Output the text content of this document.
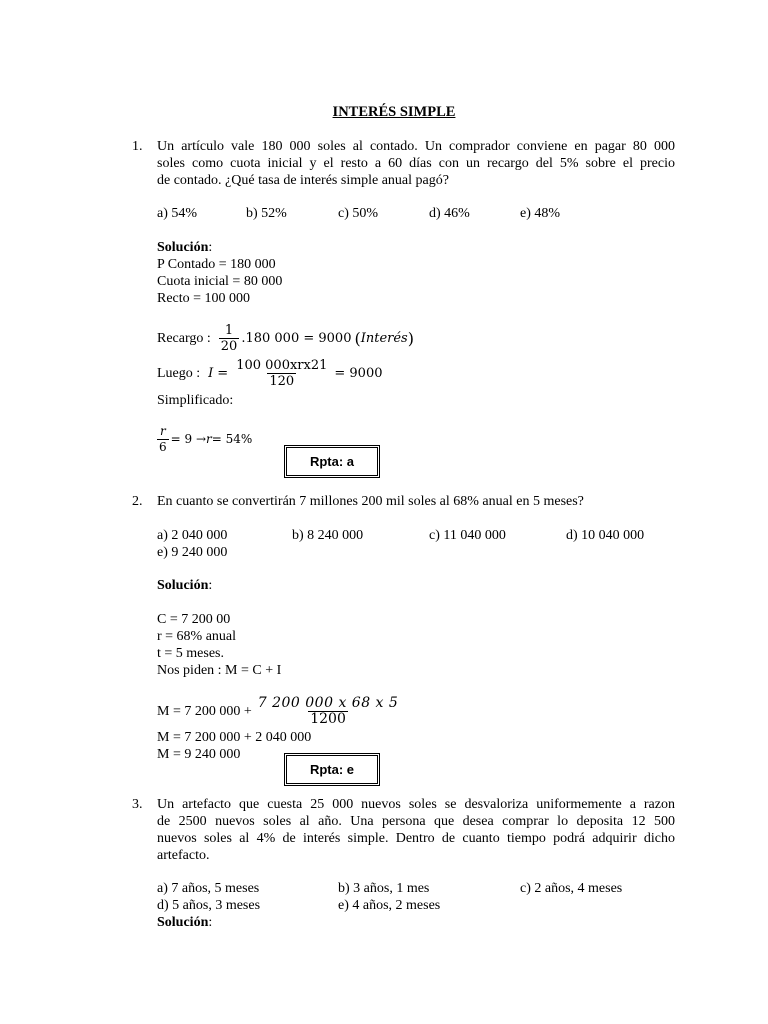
INTERÉS SIMPLE
1. Un artículo vale 180 000 soles al contado. Un comprador conviene en pagar 80 000
soles como cuota inicial y el resto a 60 días con un recargo del 5% sobre el precio
de contado. ¿Qué tasa de interés simple anual pagó?
a) 54%	b) 52%	c) 50%	d) 46%	e) 48%
Solución:
P Contado = 180 000
Cuota inicial = 80 000
Recto = 100 000
Recargo : $\frac{1}{20} .180$ 000 = 9000 ( Interés )
Luego : $I = \frac{\text{100 000xrx21}}{120} = 9000$
Simplificado:
$\frac{r}{6} = 9 \to r = 54\%$
Rpta: a
2. En cuanto se convertirán 7 millones 200 mil soles al 68% anual en 5 meses?
a) 2 040 000	b) 8 240 000	c) 11 040 000	d) 10 040 000
e) 9 240 000
Solución:
C = 7 200 00
r = 68% anual
t = 5 meses.
Nos piden : M = C + I
M = 7 200 $000 + \frac{7 200 000 x 68 x 5}{1200}$
M = 7 200 000 + 2 040 000
M = 9 240 000
Rpta: e
3. Un artefacto que cuesta 25 000 nuevos soles se desvaloriza uniformemente a razon
de 2500 nuevos soles al año. Una persona que desea comprar lo deposita 12 500
nuevos soles al 4% de interés simple. Dentro de cuanto tiempo podrá adquirir dicho
artefacto.
a) 7 años, 5 meses	b) 3 años, 1 mes	c) 2 años, 4 meses
d) 5 años, 3 meses	e) 4 años, 2 meses
Solución:
